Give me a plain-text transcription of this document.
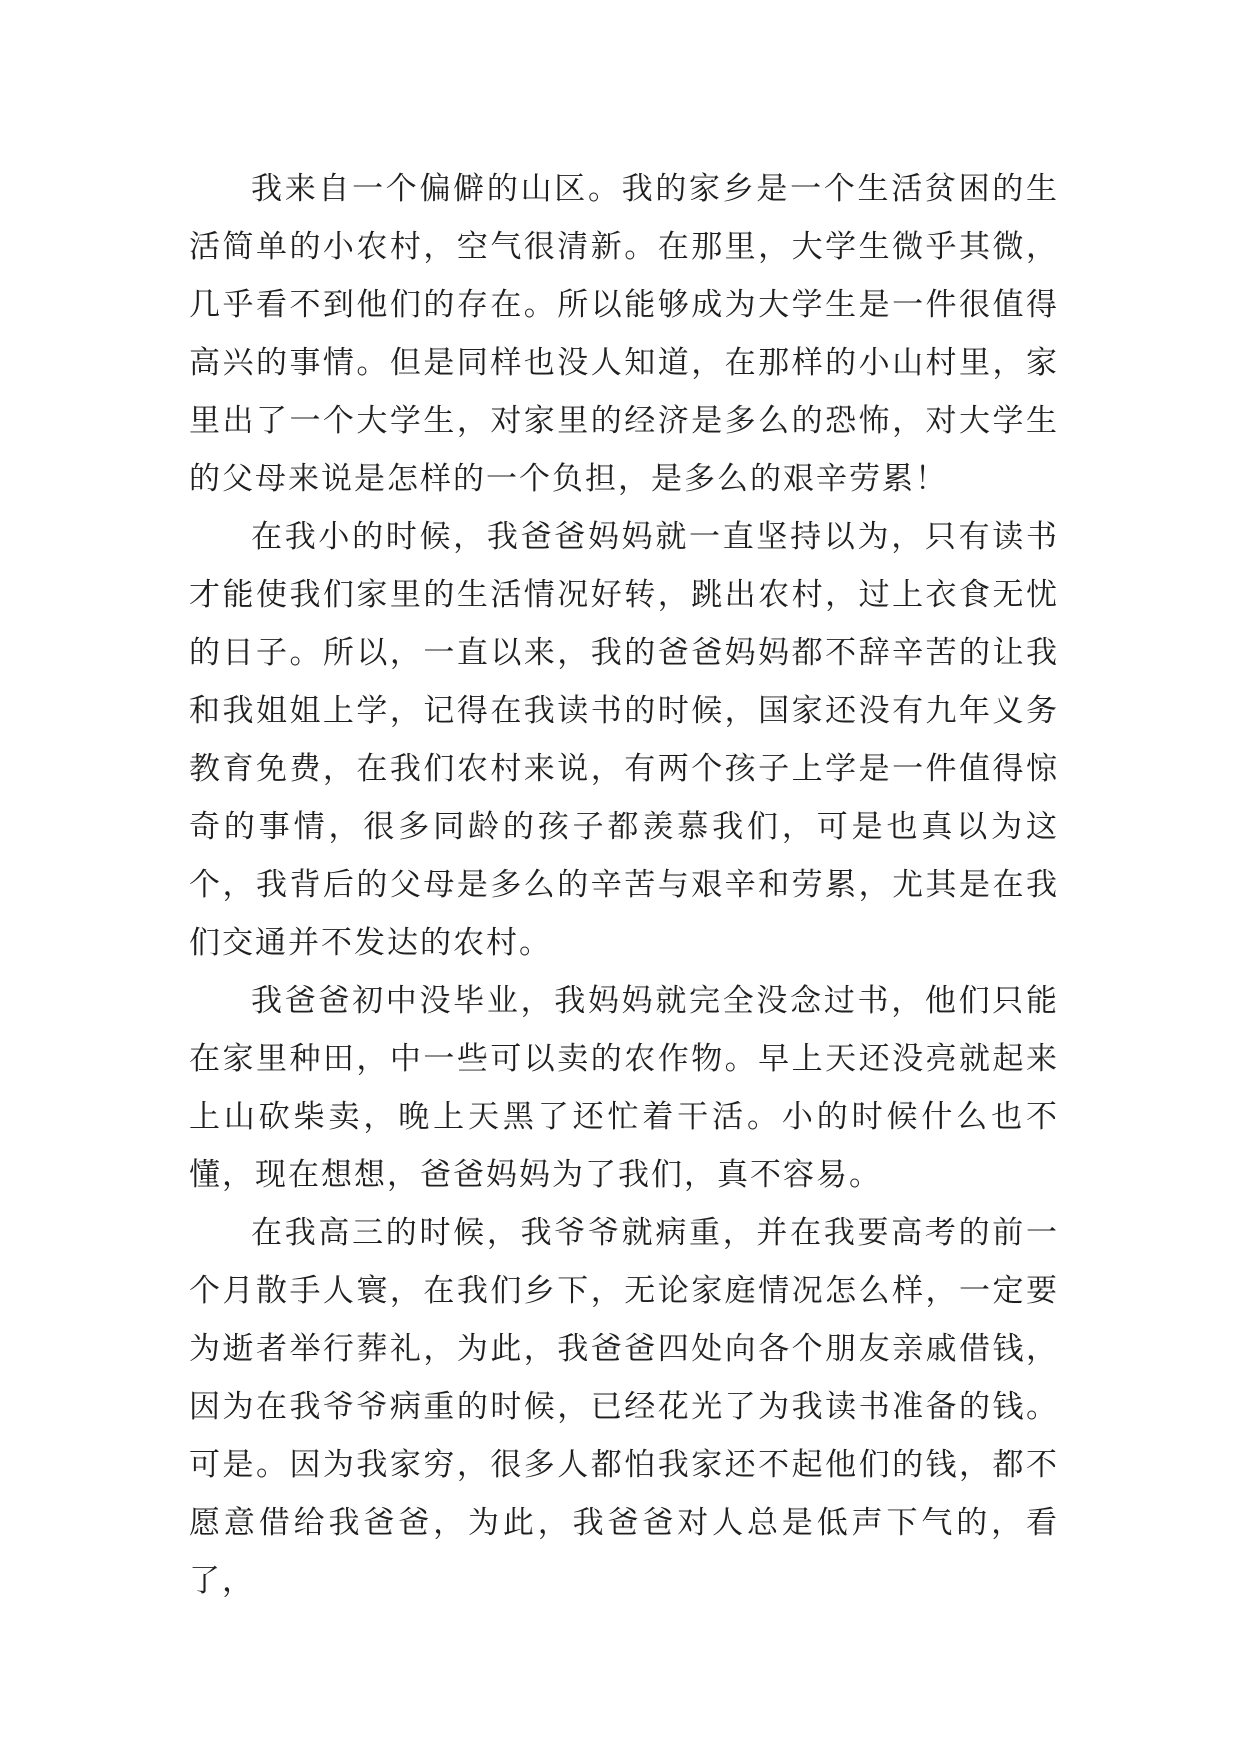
我来自一个偏僻的山区。我的家乡是一个生活贫困的生活简单的小农村，空气很清新。在那里，大学生微乎其微，几乎看不到他们的存在。所以能够成为大学生是一件很值得高兴的事情。但是同样也没人知道，在那样的小山村里，家里出了一个大学生，对家里的经济是多么的恐怖，对大学生的父母来说是怎样的一个负担，是多么的艰辛劳累！

在我小的时候，我爸爸妈妈就一直坚持以为，只有读书才能使我们家里的生活情况好转，跳出农村，过上衣食无忧的日子。所以，一直以来，我的爸爸妈妈都不辞辛苦的让我和我姐姐上学，记得在我读书的时候，国家还没有九年义务教育免费，在我们农村来说，有两个孩子上学是一件值得惊奇的事情，很多同龄的孩子都羡慕我们，可是也真以为这个，我背后的父母是多么的辛苦与艰辛和劳累，尤其是在我们交通并不发达的农村。

我爸爸初中没毕业，我妈妈就完全没念过书，他们只能在家里种田，中一些可以卖的农作物。早上天还没亮就起来上山砍柴卖，晚上天黑了还忙着干活。小的时候什么也不懂，现在想想，爸爸妈妈为了我们，真不容易。

在我高三的时候，我爷爷就病重，并在我要高考的前一个月散手人寰，在我们乡下，无论家庭情况怎么样，一定要为逝者举行葬礼，为此，我爸爸四处向各个朋友亲戚借钱，因为在我爷爷病重的时候，已经花光了为我读书准备的钱。可是。因为我家穷，很多人都怕我家还不起他们的钱，都不愿意借给我爸爸，为此，我爸爸对人总是低声下气的，看了，
